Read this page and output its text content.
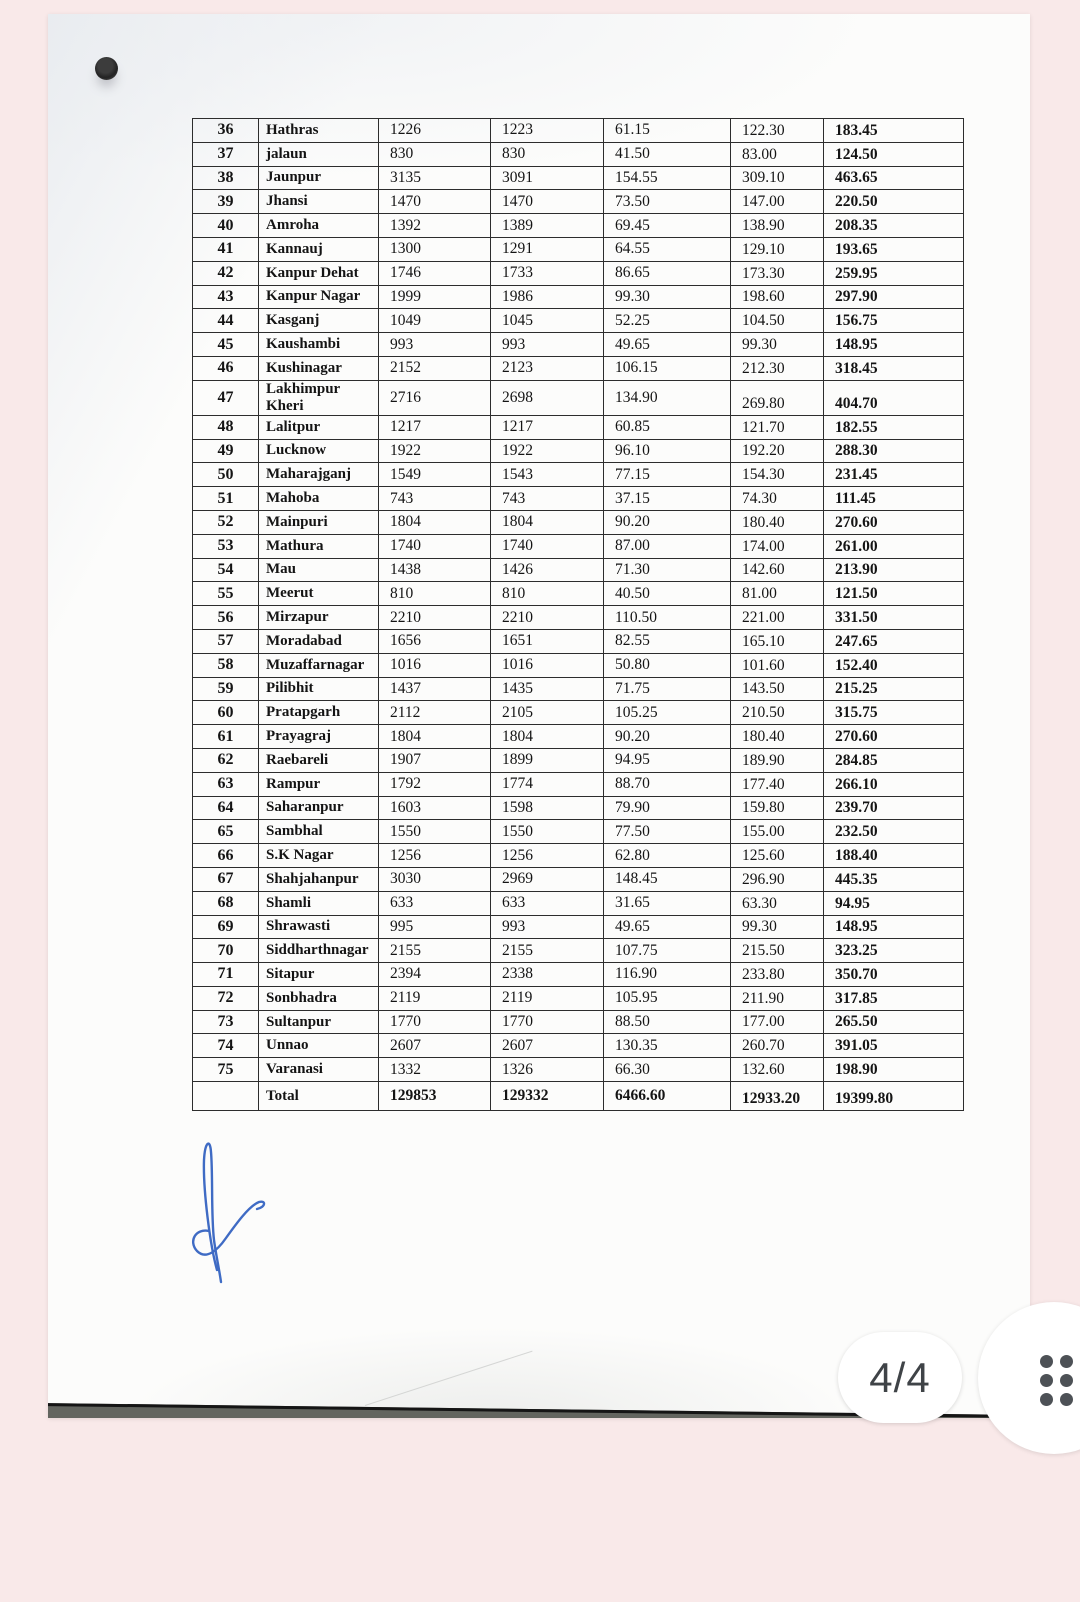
36	Hathras	1226	1223	61.15	122.30	183.45
37	jalaun	830	830	41.50	83.00	124.50
38	Jaunpur	3135	3091	154.55	309.10	463.65
39	Jhansi	1470	1470	73.50	147.00	220.50
40	Amroha	1392	1389	69.45	138.90	208.35
41	Kannauj	1300	1291	64.55	129.10	193.65
42	Kanpur Dehat	1746	1733	86.65	173.30	259.95
43	Kanpur Nagar	1999	1986	99.30	198.60	297.90
44	Kasganj	1049	1045	52.25	104.50	156.75
45	Kaushambi	993	993	49.65	99.30	148.95
46	Kushinagar	2152	2123	106.15	212.30	318.45
47	Lakhimpur Kheri	2716	2698	134.90	269.80	404.70
48	Lalitpur	1217	1217	60.85	121.70	182.55
49	Lucknow	1922	1922	96.10	192.20	288.30
50	Maharajganj	1549	1543	77.15	154.30	231.45
51	Mahoba	743	743	37.15	74.30	111.45
52	Mainpuri	1804	1804	90.20	180.40	270.60
53	Mathura	1740	1740	87.00	174.00	261.00
54	Mau	1438	1426	71.30	142.60	213.90
55	Meerut	810	810	40.50	81.00	121.50
56	Mirzapur	2210	2210	110.50	221.00	331.50
57	Moradabad	1656	1651	82.55	165.10	247.65
58	Muzaffarnagar	1016	1016	50.80	101.60	152.40
59	Pilibhit	1437	1435	71.75	143.50	215.25
60	Pratapgarh	2112	2105	105.25	210.50	315.75
61	Prayagraj	1804	1804	90.20	180.40	270.60
62	Raebareli	1907	1899	94.95	189.90	284.85
63	Rampur	1792	1774	88.70	177.40	266.10
64	Saharanpur	1603	1598	79.90	159.80	239.70
65	Sambhal	1550	1550	77.50	155.00	232.50
66	S.K Nagar	1256	1256	62.80	125.60	188.40
67	Shahjahanpur	3030	2969	148.45	296.90	445.35
68	Shamli	633	633	31.65	63.30	94.95
69	Shrawasti	995	993	49.65	99.30	148.95
70	Siddharthnagar	2155	2155	107.75	215.50	323.25
71	Sitapur	2394	2338	116.90	233.80	350.70
72	Sonbhadra	2119	2119	105.95	211.90	317.85
73	Sultanpur	1770	1770	88.50	177.00	265.50
74	Unnao	2607	2607	130.35	260.70	391.05
75	Varanasi	1332	1326	66.30	132.60	198.90
	Total	129853	129332	6466.60	12933.20	19399.80
4/4
